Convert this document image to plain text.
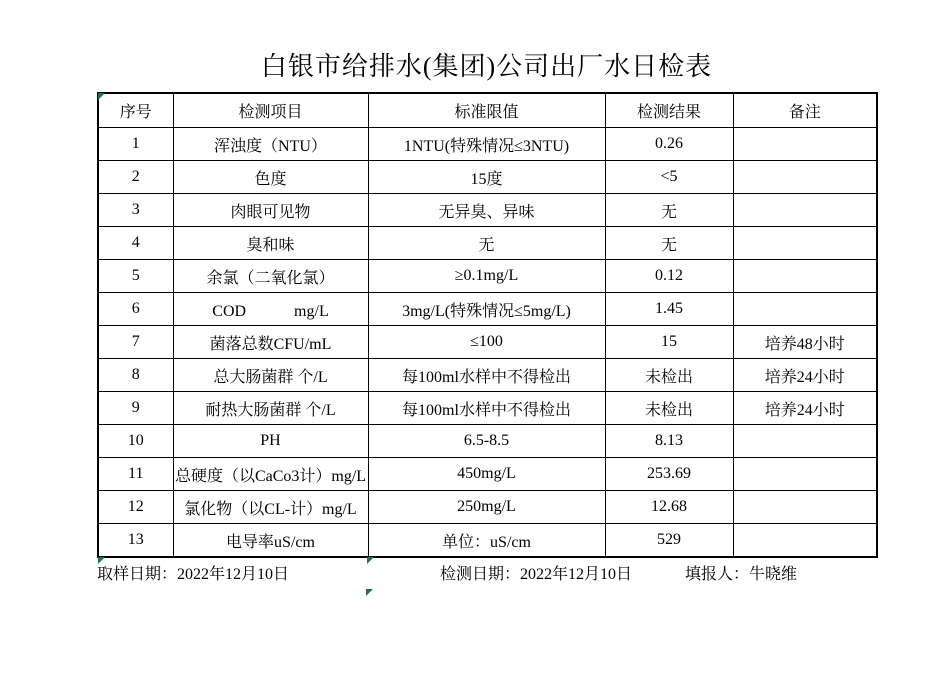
白银市给排水(集团)公司出厂水日检表
序号	检测项目	标准限值	检测结果	备注
1	浑浊度（NTU）	1NTU(特殊情况≤3NTU)	0.26	
2	色度	15度	<5	
3	肉眼可见物	无异臭、异味	无	
4	臭和味	无	无	
5	余氯（二氧化氯）	≥0.1mg/L	0.12	
6	COD　　　mg/L	3mg/L(特殊情况≤5mg/L)	1.45	
7	菌落总数CFU/mL	≤100	15	培养48小时
8	总大肠菌群 个/L	每100ml水样中不得检出	未检出	培养24小时
9	耐热大肠菌群 个/L	每100ml水样中不得检出	未检出	培养24小时
10	PH	6.5-8.5	8.13	
11	总硬度（以CaCo3计）mg/L	450mg/L	253.69	
12	氯化物（以CL-计）mg/L	250mg/L	12.68	
13	电导率uS/cm	单位：uS/cm	529	
取样日期：2022年12月10日	检测日期：2022年12月10日	填报人：牛晓维
